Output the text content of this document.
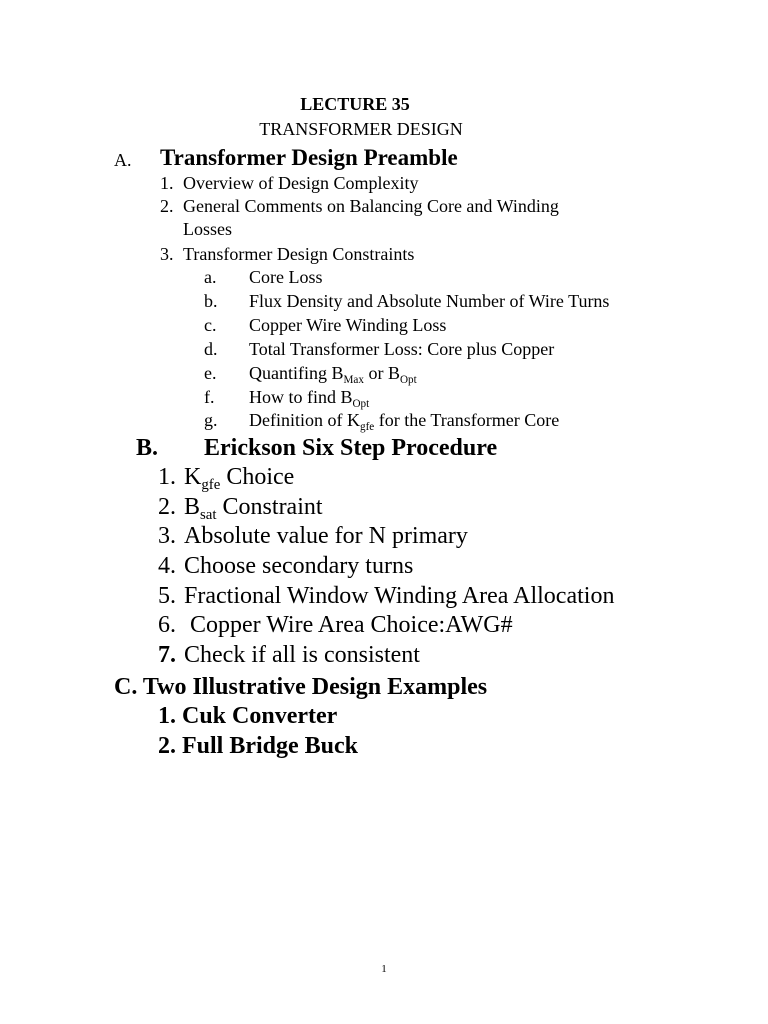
LECTURE 35
TRANSFORMER DESIGN
A. Transformer Design Preamble
1. Overview of Design Complexity
2. General Comments on Balancing Core and Winding
Losses
3. Transformer Design Constraints
a. Core Loss
b. Flux Density and Absolute Number of Wire Turns
c. Copper Wire Winding Loss
d. Total Transformer Loss: Core plus Copper
e. Quantifing $B_{Max}$ or $B_{Opt}$
f. How to find $B_{Opt}$
g. Definition of $K_{gfe}$ for the Transformer Core
B. Erickson Six Step Procedure
1. $K_{gfe}$ Choice
2. $B_{sat}$ Constraint
3. Absolute value for N primary
4. Choose secondary turns
5. Fractional Window Winding Area Allocation
6. Copper Wire Area Choice:AWG#
7. Check if all is consistent
C. Two Illustrative Design Examples
1. Cuk Converter
2. Full Bridge Buck
1
